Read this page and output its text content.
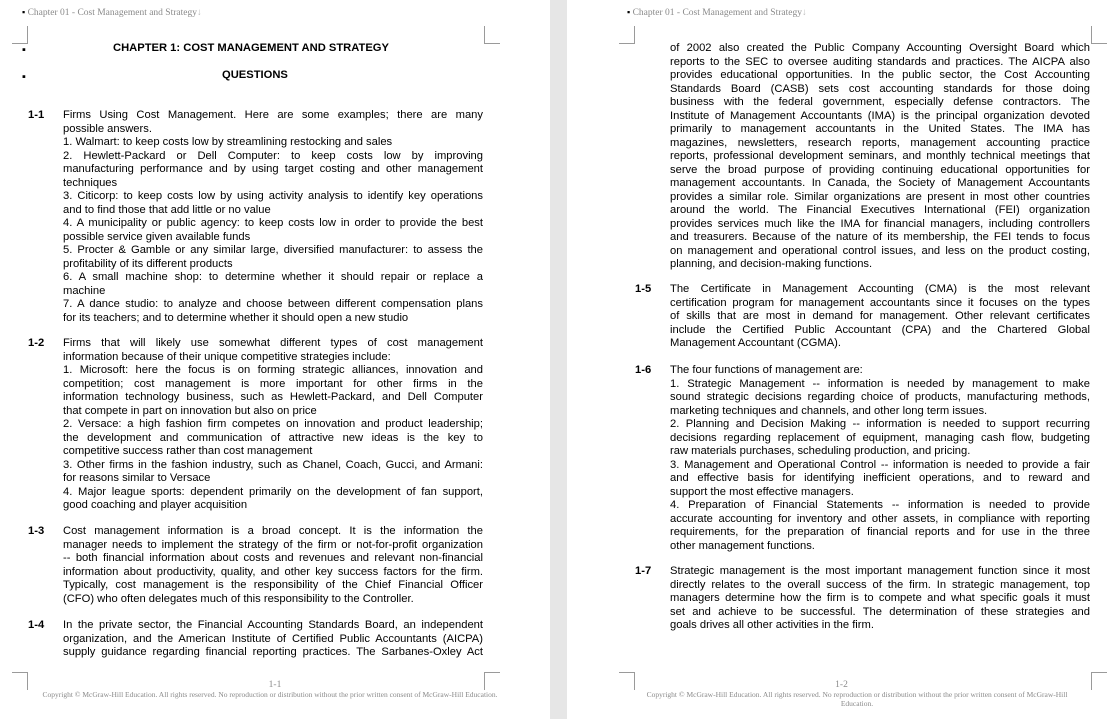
▪ Chapter 01 - Cost Management and Strategy↓
▪	CHAPTER 1: COST MANAGEMENT AND STRATEGY
▪	QUESTIONS
1-1 Firms Using Cost Management. Here are some examples; there are many
possible answers.
1. Walmart: to keep costs low by streamlining restocking and sales
2. Hewlett-Packard or Dell Computer: to keep costs low by improving
manufacturing performance and by using target costing and other management
techniques
3. Citicorp: to keep costs low by using activity analysis to identify key operations
and to find those that add little or no value
4. A municipality or public agency: to keep costs low in order to provide the best
possible service given available funds
5. Procter & Gamble or any similar large, diversified manufacturer: to assess the
profitability of its different products
6. A small machine shop: to determine whether it should repair or replace a
machine
7. A dance studio: to analyze and choose between different compensation plans
for its teachers; and to determine whether it should open a new studio
1-2 Firms that will likely use somewhat different types of cost management
information because of their unique competitive strategies include:
1. Microsoft: here the focus is on forming strategic alliances, innovation and
competition; cost management is more important for other firms in the
information technology business, such as Hewlett-Packard, and Dell Computer
that compete in part on innovation but also on price
2. Versace: a high fashion firm competes on innovation and product leadership;
the development and communication of attractive new ideas is the key to
competitive success rather than cost management
3. Other firms in the fashion industry, such as Chanel, Coach, Gucci, and Armani:
for reasons similar to Versace
4. Major league sports: dependent primarily on the development of fan support,
good coaching and player acquisition
1-3 Cost management information is a broad concept. It is the information the
manager needs to implement the strategy of the firm or not-for-profit organization
-- both financial information about costs and revenues and relevant non-financial
information about productivity, quality, and other key success factors for the firm.
Typically, cost management is the responsibility of the Chief Financial Officer
(CFO) who often delegates much of this responsibility to the Controller.
1-4 In the private sector, the Financial Accounting Standards Board, an independent
organization, and the American Institute of Certified Public Accountants (AICPA)
supply guidance regarding financial reporting practices. The Sarbanes-Oxley Act
1-1
Copyright © McGraw-Hill Education. All rights reserved. No reproduction or distribution without the prior written consent of McGraw-Hill Education.
▪ Chapter 01 - Cost Management and Strategy↓
of 2002 also created the Public Company Accounting Oversight Board which
reports to the SEC to oversee auditing standards and practices. The AICPA also
provides educational opportunities. In the public sector, the Cost Accounting
Standards Board (CASB) sets cost accounting standards for those doing
business with the federal government, especially defense contractors. The
Institute of Management Accountants (IMA) is the principal organization devoted
primarily to management accountants in the United States. The IMA has
magazines, newsletters, research reports, management accounting practice
reports, professional development seminars, and monthly technical meetings that
serve the broad purpose of providing continuing educational opportunities for
management accountants. In Canada, the Society of Management Accountants
provides a similar role. Similar organizations are present in most other countries
around the world. The Financial Executives International (FEI) organization
provides services much like the IMA for financial managers, including controllers
and treasurers. Because of the nature of its membership, the FEI tends to focus
on management and operational control issues, and less on the product costing,
planning, and decision-making functions.
1-5 The Certificate in Management Accounting (CMA) is the most relevant
certification program for management accountants since it focuses on the types
of skills that are most in demand for management. Other relevant certificates
include the Certified Public Accountant (CPA) and the Chartered Global
Management Accountant (CGMA).
1-6 The four functions of management are:
1. Strategic Management -- information is needed by management to make
sound strategic decisions regarding choice of products, manufacturing methods,
marketing techniques and channels, and other long term issues.
2. Planning and Decision Making -- information is needed to support recurring
decisions regarding replacement of equipment, managing cash flow, budgeting
raw materials purchases, scheduling production, and pricing.
3. Management and Operational Control -- information is needed to provide a fair
and effective basis for identifying inefficient operations, and to reward and
support the most effective managers.
4. Preparation of Financial Statements -- information is needed to provide
accurate accounting for inventory and other assets, in compliance with reporting
requirements, for the preparation of financial reports and for use in the three
other management functions.
1-7 Strategic management is the most important management function since it most
directly relates to the overall success of the firm. In strategic management, top
managers determine how the firm is to compete and what specific goals it must
set and achieve to be successful. The determination of these strategies and
goals drives all other activities in the firm.
1-2
Copyright © McGraw-Hill Education. All rights reserved. No reproduction or distribution without the prior written consent of McGraw-Hill Education.
